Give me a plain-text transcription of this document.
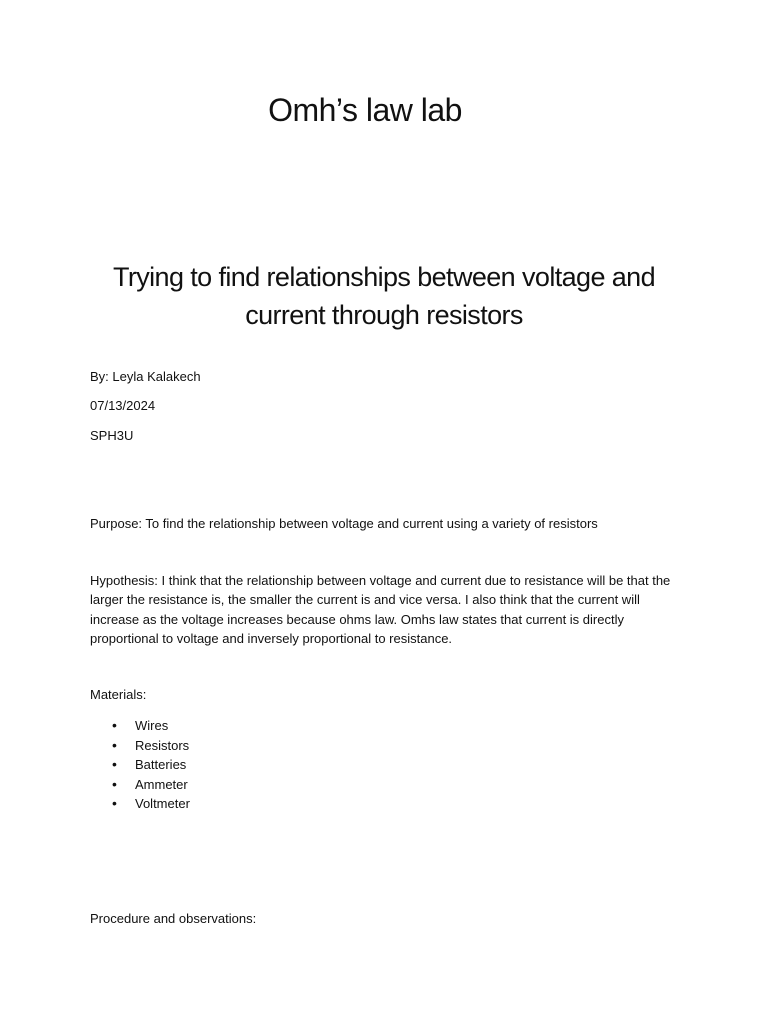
Omh’s law lab
Trying to find relationships between voltage and current through resistors

By: Leyla Kalakech

07/13/2024

SPH3U

Purpose: To find the relationship between voltage and current using a variety of resistors

Hypothesis: I think that the relationship between voltage and current due to resistance will be that the larger the resistance is, the smaller the current is and vice versa. I also think that the current will increase as the voltage increases because ohms law. Omhs law states that current is directly proportional to voltage and inversely proportional to resistance.

Materials:

• Wires
• Resistors
• Batteries
• Ammeter
• Voltmeter

Procedure and observations:
